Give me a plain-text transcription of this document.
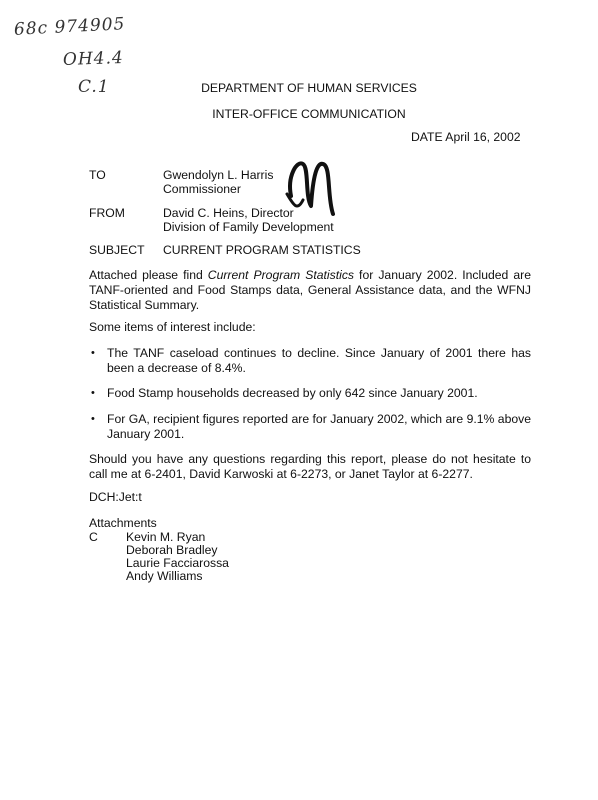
68c 974905
OH4.4
C.1	DEPARTMENT OF HUMAN SERVICES
INTER-OFFICE COMMUNICATION
DATE April 16, 2002
TO	Gwendolyn L. Harris
Commissioner
FROM	David C. Heins, Director
Division of Family Development
SUBJECT CURRENT PROGRAM STATISTICS
Attached please find Current Program Statistics for January 2002. Included are TANF-oriented and Food Stamps data, General Assistance data, and the WFNJ Statistical Summary.
Some items of interest include:
• The TANF caseload continues to decline. Since January of 2001 there has been a decrease of 8.4%.
• Food Stamp households decreased by only 642 since January 2001.
• For GA, recipient figures reported are for January 2002, which are 9.1% above January 2001.
Should you have any questions regarding this report, please do not hesitate to call me at 6-2401, David Karwoski at 6-2273, or Janet Taylor at 6-2277.
DCH:Jet:t
Attachments
C Kevin M. Ryan
Deborah Bradley
Laurie Facciarossa
Andy Williams
